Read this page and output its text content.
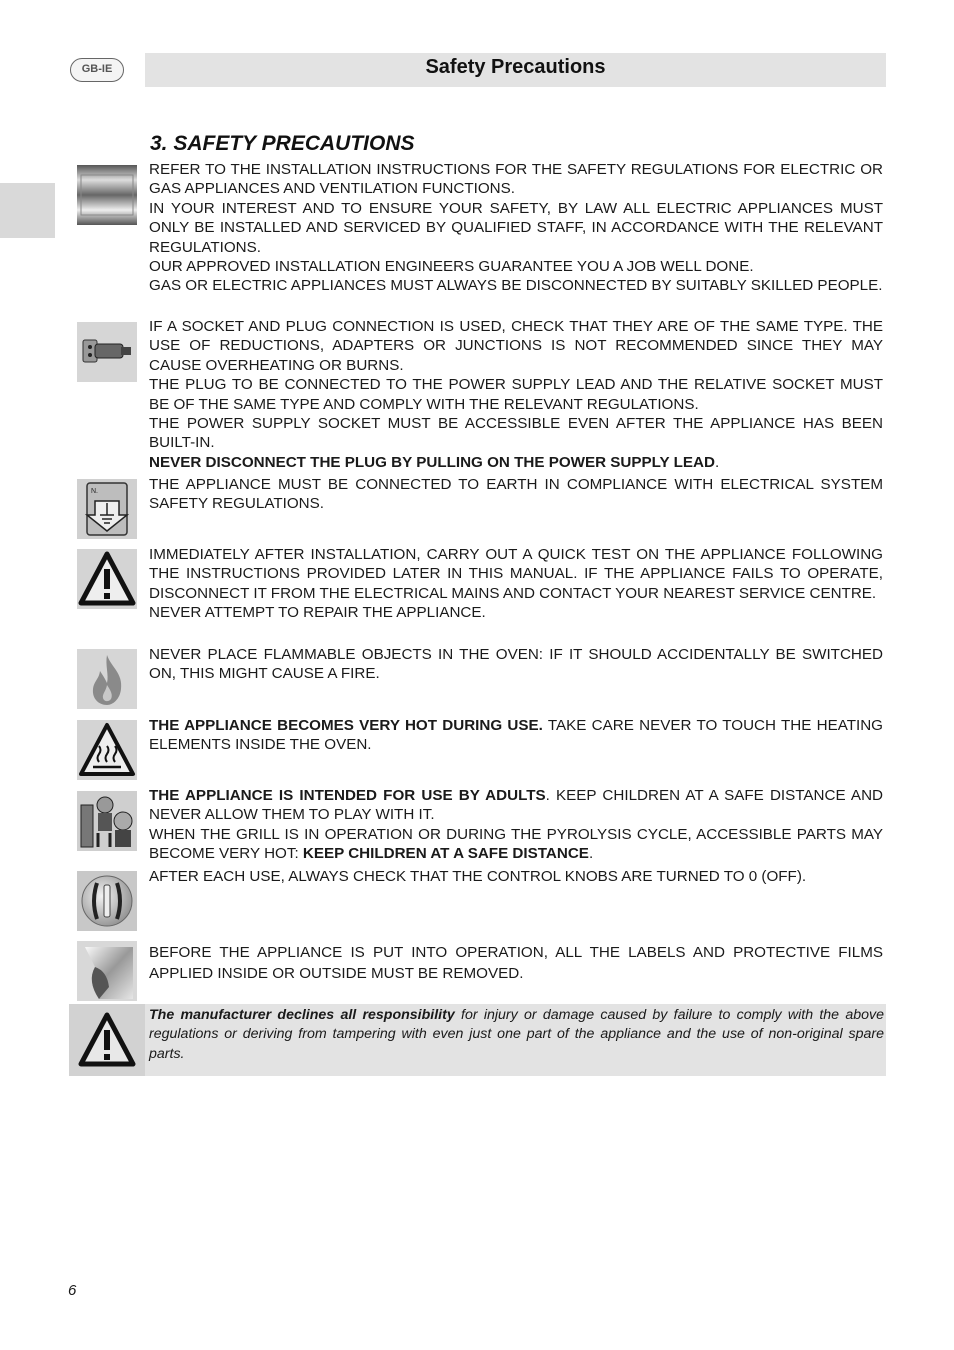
GB-IE	Safety Precautions
3. SAFETY PRECAUTIONS

REFER TO THE INSTALLATION INSTRUCTIONS FOR THE SAFETY REGULATIONS FOR ELECTRIC OR GAS APPLIANCES AND VENTILATION FUNCTIONS.

IN YOUR INTEREST AND TO ENSURE YOUR SAFETY, BY LAW ALL ELECTRIC APPLIANCES MUST ONLY BE INSTALLED AND SERVICED BY QUALIFIED STAFF, IN ACCORDANCE WITH THE RELEVANT REGULATIONS.

OUR APPROVED INSTALLATION ENGINEERS GUARANTEE YOU A JOB WELL DONE.

GAS OR ELECTRIC APPLIANCES MUST ALWAYS BE DISCONNECTED BY SUITABLY SKILLED PEOPLE.

IF A SOCKET AND PLUG CONNECTION IS USED, CHECK THAT THEY ARE OF THE SAME TYPE. THE USE OF REDUCTIONS, ADAPTERS OR JUNCTIONS IS NOT RECOMMENDED SINCE THEY MAY CAUSE OVERHEATING OR BURNS.

THE PLUG TO BE CONNECTED TO THE POWER SUPPLY LEAD AND THE RELATIVE SOCKET MUST BE OF THE SAME TYPE AND COMPLY WITH THE RELEVANT REGULATIONS.

THE POWER SUPPLY SOCKET MUST BE ACCESSIBLE EVEN AFTER THE APPLIANCE HAS BEEN BUILT-IN.

NEVER DISCONNECT THE PLUG BY PULLING ON THE POWER SUPPLY LEAD.

N.	THE APPLIANCE MUST BE CONNECTED TO EARTH IN COMPLIANCE WITH ELECTRICAL SYSTEM SAFETY REGULATIONS.

IMMEDIATELY AFTER INSTALLATION, CARRY OUT A QUICK TEST ON THE APPLIANCE FOLLOWING THE INSTRUCTIONS PROVIDED LATER IN THIS MANUAL. IF THE APPLIANCE FAILS TO OPERATE, DISCONNECT IT FROM THE ELECTRICAL MAINS AND CONTACT YOUR NEAREST SERVICE CENTRE.

NEVER ATTEMPT TO REPAIR THE APPLIANCE.

NEVER PLACE FLAMMABLE OBJECTS IN THE OVEN: IF IT SHOULD ACCIDENTALLY BE SWITCHED ON, THIS MIGHT CAUSE A FIRE.

THE APPLIANCE BECOMES VERY HOT DURING USE. TAKE CARE NEVER TO TOUCH THE HEATING ELEMENTS INSIDE THE OVEN.

THE APPLIANCE IS INTENDED FOR USE BY ADULTS. KEEP CHILDREN AT A SAFE DISTANCE AND NEVER ALLOW THEM TO PLAY WITH IT.

WHEN THE GRILL IS IN OPERATION OR DURING THE PYROLYSIS CYCLE, ACCESSIBLE PARTS MAY BECOME VERY HOT: KEEP CHILDREN AT A SAFE DISTANCE.

AFTER EACH USE, ALWAYS CHECK THAT THE CONTROL KNOBS ARE TURNED TO 0 (OFF).

BEFORE THE APPLIANCE IS PUT INTO OPERATION, ALL THE LABELS AND PROTECTIVE FILMS APPLIED INSIDE OR OUTSIDE MUST BE REMOVED.

The manufacturer declines all responsibility for injury or damage caused by failure to comply with the above regulations or deriving from tampering with even just one part of the appliance and the use of non-original spare parts.
6
